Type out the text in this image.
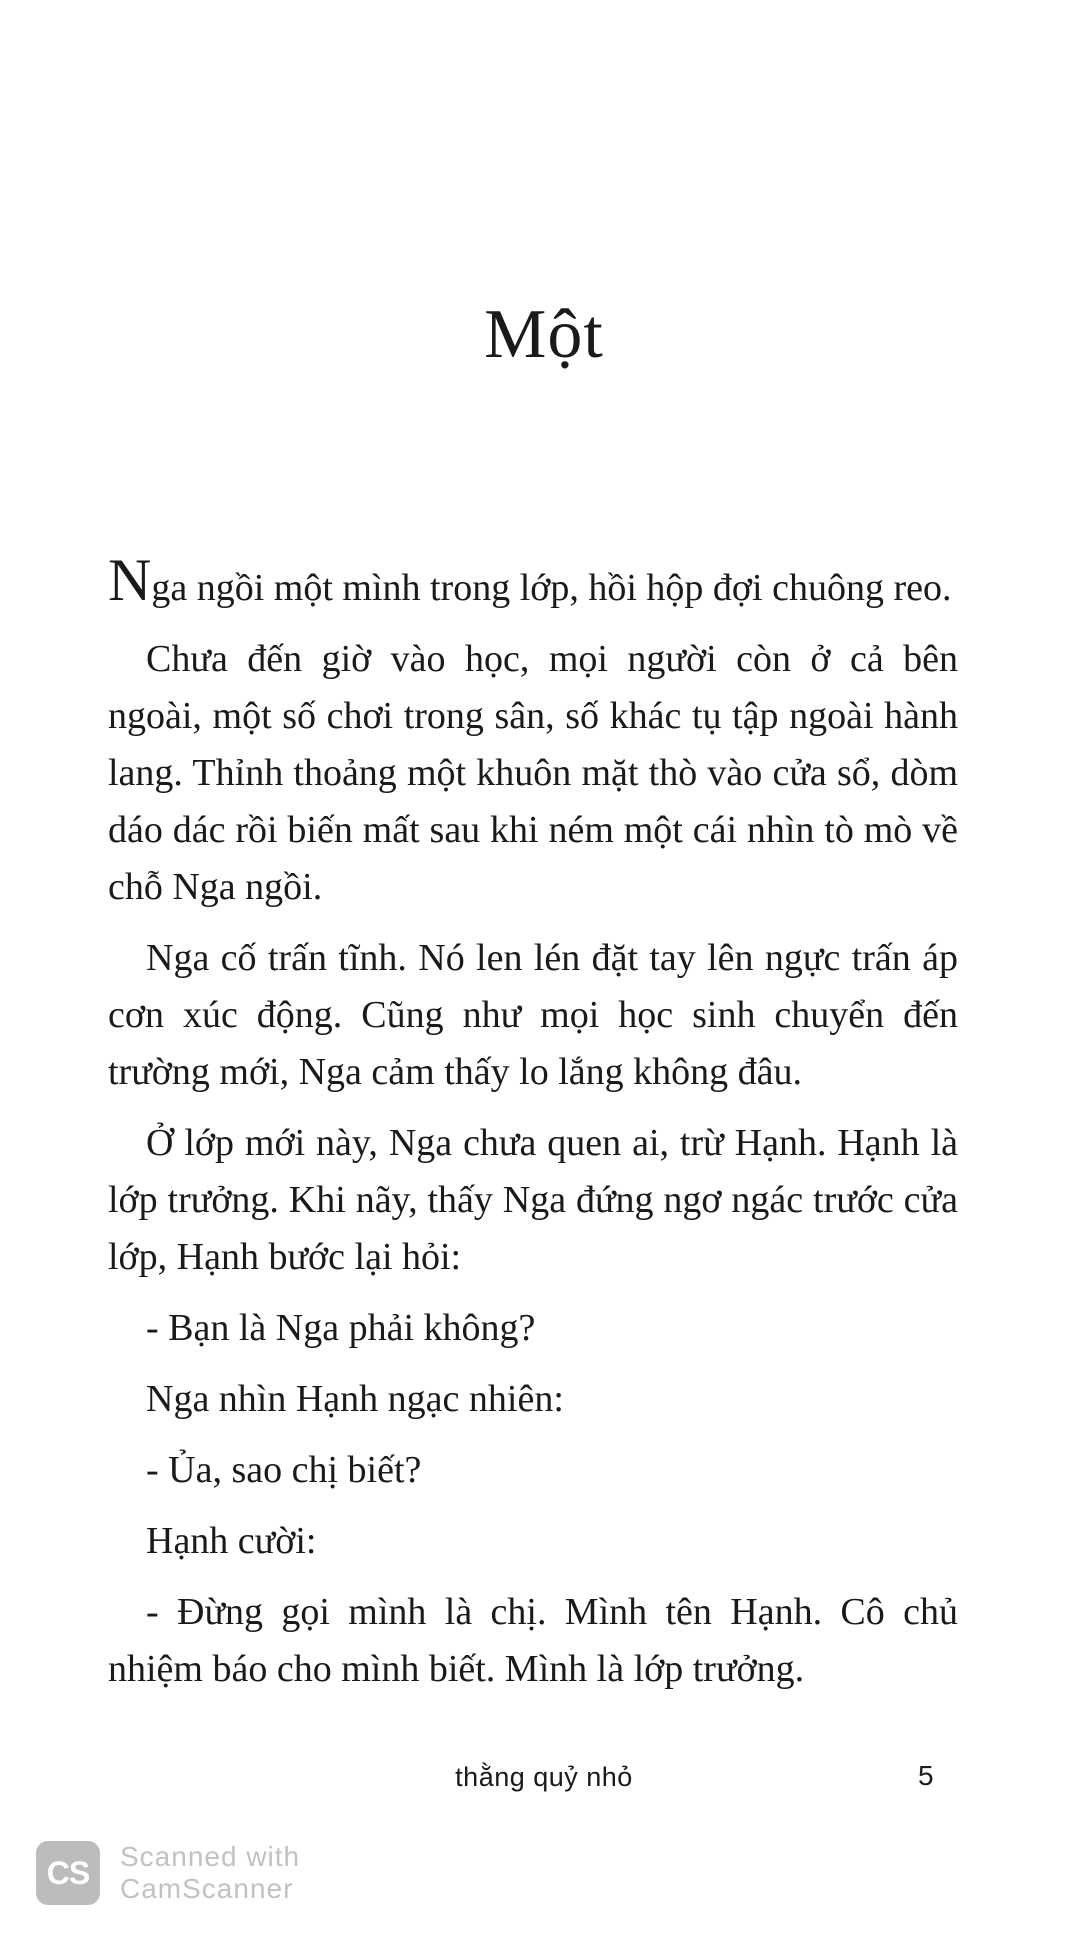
Một

Nga ngồi một mình trong lớp, hồi hộp đợi chuông reo.

Chưa đến giờ vào học, mọi người còn ở cả bên ngoài, một số chơi trong sân, số khác tụ tập ngoài hành lang. Thỉnh thoảng một khuôn mặt thò vào cửa sổ, dòm dáo dác rồi biến mất sau khi ném một cái nhìn tò mò về chỗ Nga ngồi.

Nga cố trấn tĩnh. Nó len lén đặt tay lên ngực trấn áp cơn xúc động. Cũng như mọi học sinh chuyển đến trường mới, Nga cảm thấy lo lắng không đâu.

Ở lớp mới này, Nga chưa quen ai, trừ Hạnh. Hạnh là lớp trưởng. Khi nãy, thấy Nga đứng ngơ ngác trước cửa lớp, Hạnh bước lại hỏi:

- Bạn là Nga phải không?

Nga nhìn Hạnh ngạc nhiên:

- Ủa, sao chị biết?

Hạnh cười:

- Đừng gọi mình là chị. Mình tên Hạnh. Cô chủ nhiệm báo cho mình biết. Mình là lớp trưởng.

thằng quỷ nhỏ	5
CS	Scanned with
CamScanner
